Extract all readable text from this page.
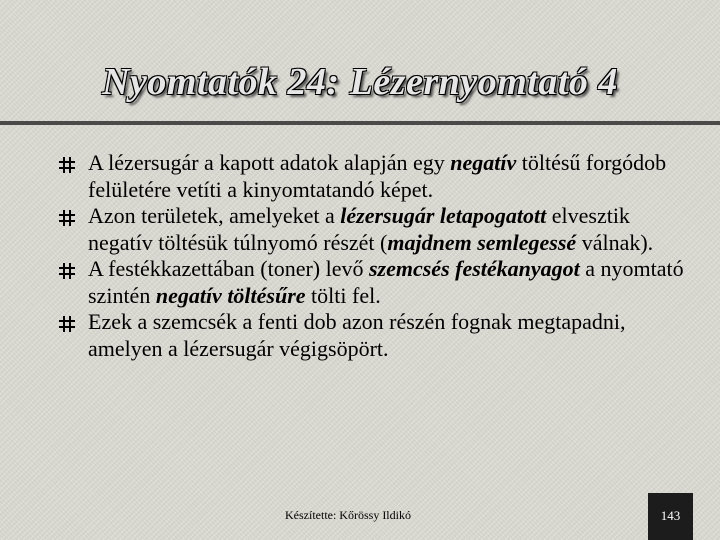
Nyomtatók 24: Lézernyomtató 4
A lézersugár a kapott adatok alapján egy negatív töltésű forgódob felületére vetíti a kinyomtatandó képet.
Azon területek, amelyeket a lézersugár letapogatott elvesztik negatív töltésük túlnyomó részét (majdnem semlegessé válnak).
A festékkazettában (toner) levő szemcsés festékanyagot a nyomtató szintén negatív töltésűre tölti fel.
Ezek a szemcsék a fenti dob azon részén fognak megtapadni, amelyen a lézersugár végigsöpört.
Készítette: Kőrössy Ildikó	143
